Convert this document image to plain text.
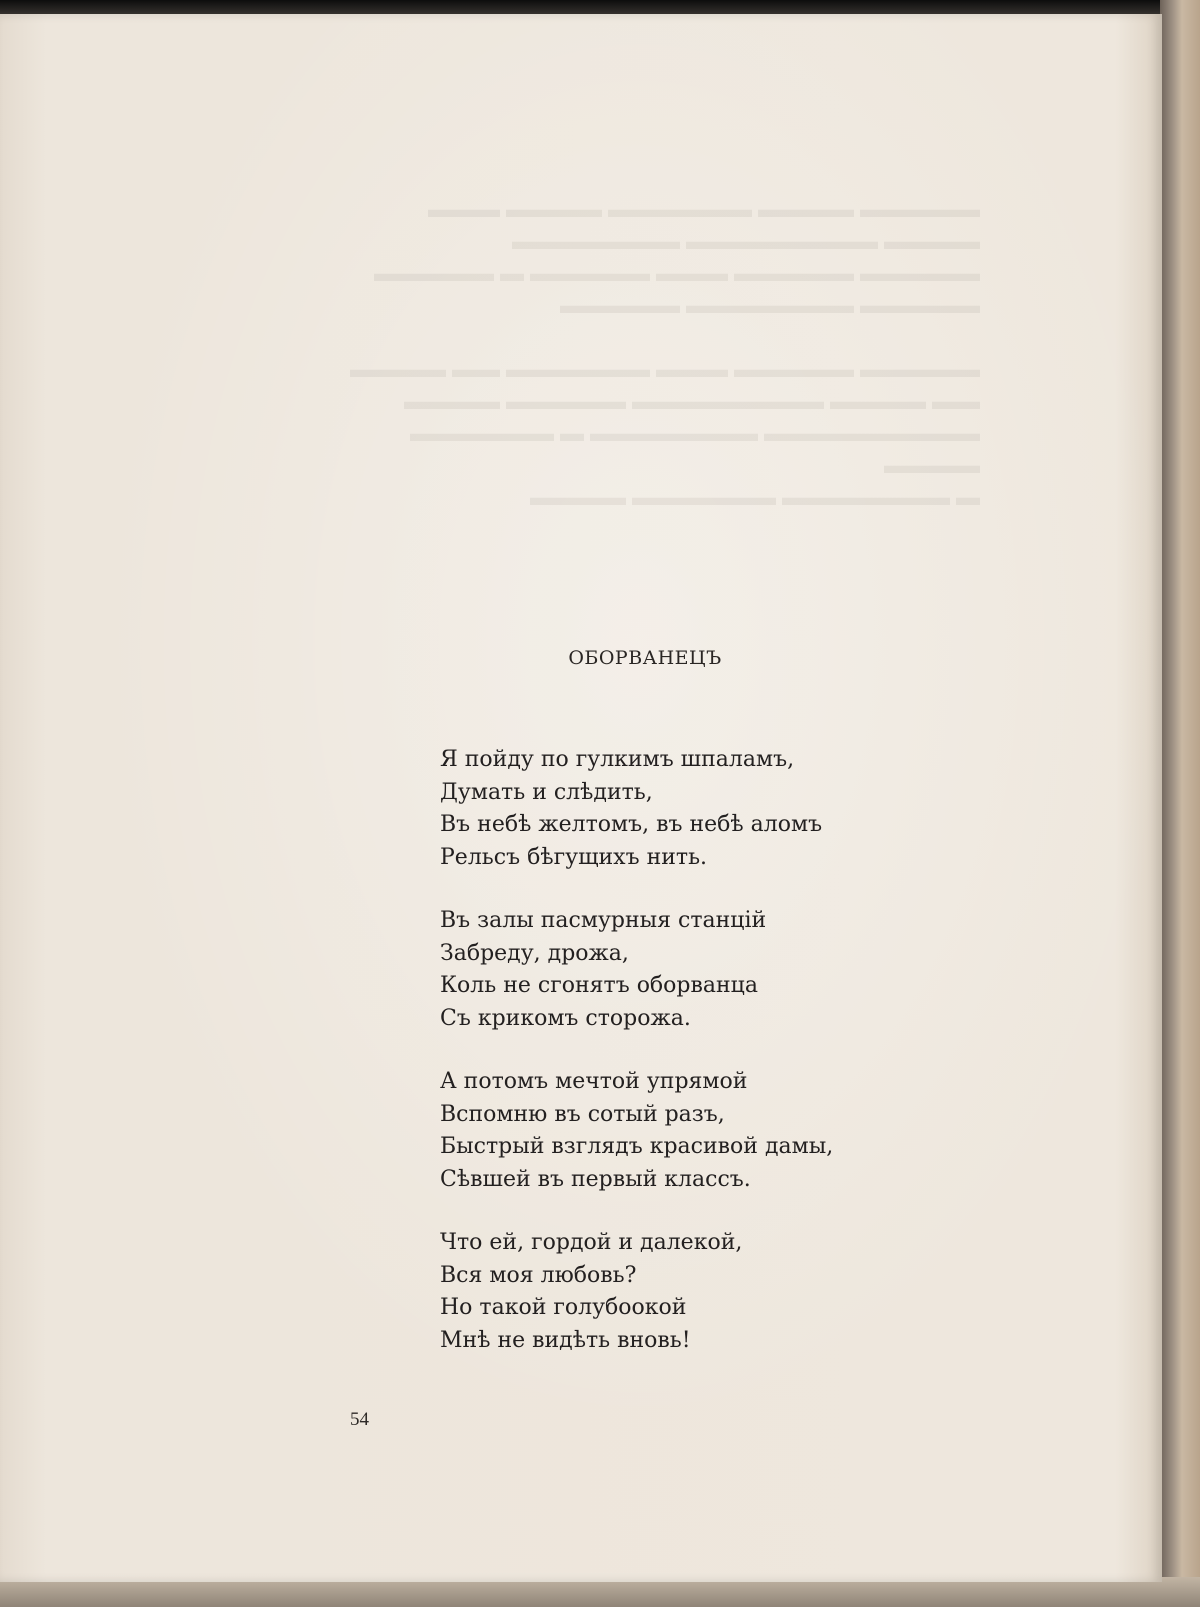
▬▬▬▬▬ ▬▬▬▬ ▬▬▬▬▬▬ ▬▬▬▬ ▬▬▬
▬▬▬▬ ▬▬▬▬▬▬▬▬ ▬▬▬▬▬▬▬
▬▬▬▬▬ ▬▬▬▬▬ ▬▬▬ ▬▬▬▬▬ ▬ ▬▬▬▬▬
▬▬▬▬▬ ▬▬▬▬▬▬▬ ▬▬▬▬▬

▬▬▬▬▬ ▬▬▬▬▬ ▬▬▬ ▬▬▬▬▬▬ ▬▬ ▬▬▬▬
▬▬ ▬▬▬▬ ▬▬▬▬▬▬▬▬ ▬▬▬▬▬ ▬▬▬▬
▬▬▬▬▬▬▬▬▬ ▬▬▬▬▬▬▬ ▬ ▬▬▬▬▬▬ ▬▬▬▬
▬ ▬▬▬▬▬▬▬ ▬▬▬▬▬▬ ▬▬▬▬
ОБОРВАНЕЦЪ
Я пойду по гулкимъ шпаламъ,
Думать и слѣдить,
Въ небѣ желтомъ, въ небѣ аломъ
Рельсъ бѣгущихъ нить.
Въ залы пасмурныя станцій
Забреду, дрожа,
Коль не сгонятъ оборванца
Съ крикомъ сторожа.
А потомъ мечтой упрямой
Вспомню въ сотый разъ,
Быстрый взглядъ красивой дамы,
Сѣвшей въ первый классъ.
Что ей, гордой и далекой,
Вся моя любовь?
Но такой голубоокой
Мнѣ не видѣть вновь!
54
